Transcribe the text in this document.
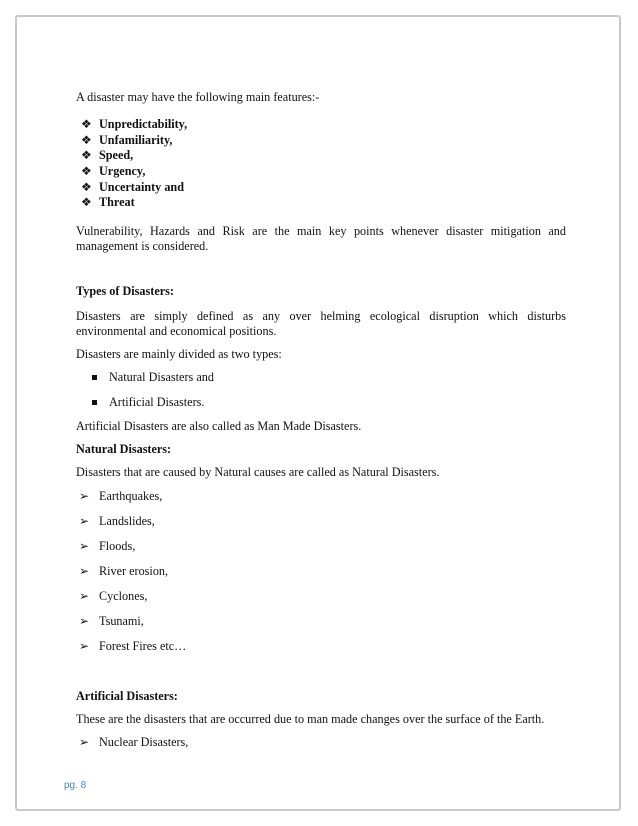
A disaster may have the following main features:-

❖ Unpredictability,
❖ Unfamiliarity,
❖ Speed,
❖ Urgency,
❖ Uncertainty and
❖ Threat

Vulnerability, Hazards and Risk are the main key points whenever disaster mitigation and management is considered.

Types of Disasters:

Disasters are simply defined as any over helming ecological disruption which disturbs environmental and economical positions.

Disasters are mainly divided as two types:

Natural Disasters and
Artificial Disasters.

Artificial Disasters are also called as Man Made Disasters.

Natural Disasters:

Disasters that are caused by Natural causes are called as Natural Disasters.

➢ Earthquakes,
➢ Landslides,
➢ Floods,
➢ River erosion,
➢ Cyclones,
➢ Tsunami,
➢ Forest Fires etc…

Artificial Disasters:

These are the disasters that are occurred due to man made changes over the surface of the Earth.

➢ Nuclear Disasters,
pg. 8
